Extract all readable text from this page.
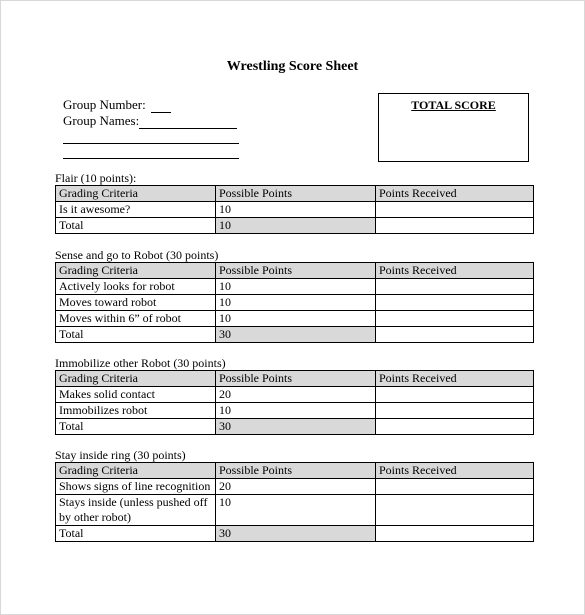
Wrestling Score Sheet
Group Number:
Group Names:
TOTAL SCORE
Flair (10 points):
Grading Criteria	Possible Points	Points Received
Is it awesome?	10	
Total	10	
Sense and go to Robot (30 points)
Grading Criteria	Possible Points	Points Received
Actively looks for robot	10	
Moves toward robot	10	
Moves within 6” of robot	10	
Total	30	
Immobilize other Robot (30 points)
Grading Criteria	Possible Points	Points Received
Makes solid contact	20	
Immobilizes robot	10	
Total	30	
Stay inside ring (30 points)
Grading Criteria	Possible Points	Points Received
Shows signs of line recognition	20	
Stays inside (unless pushed off by other robot)	10	
Total	30	
